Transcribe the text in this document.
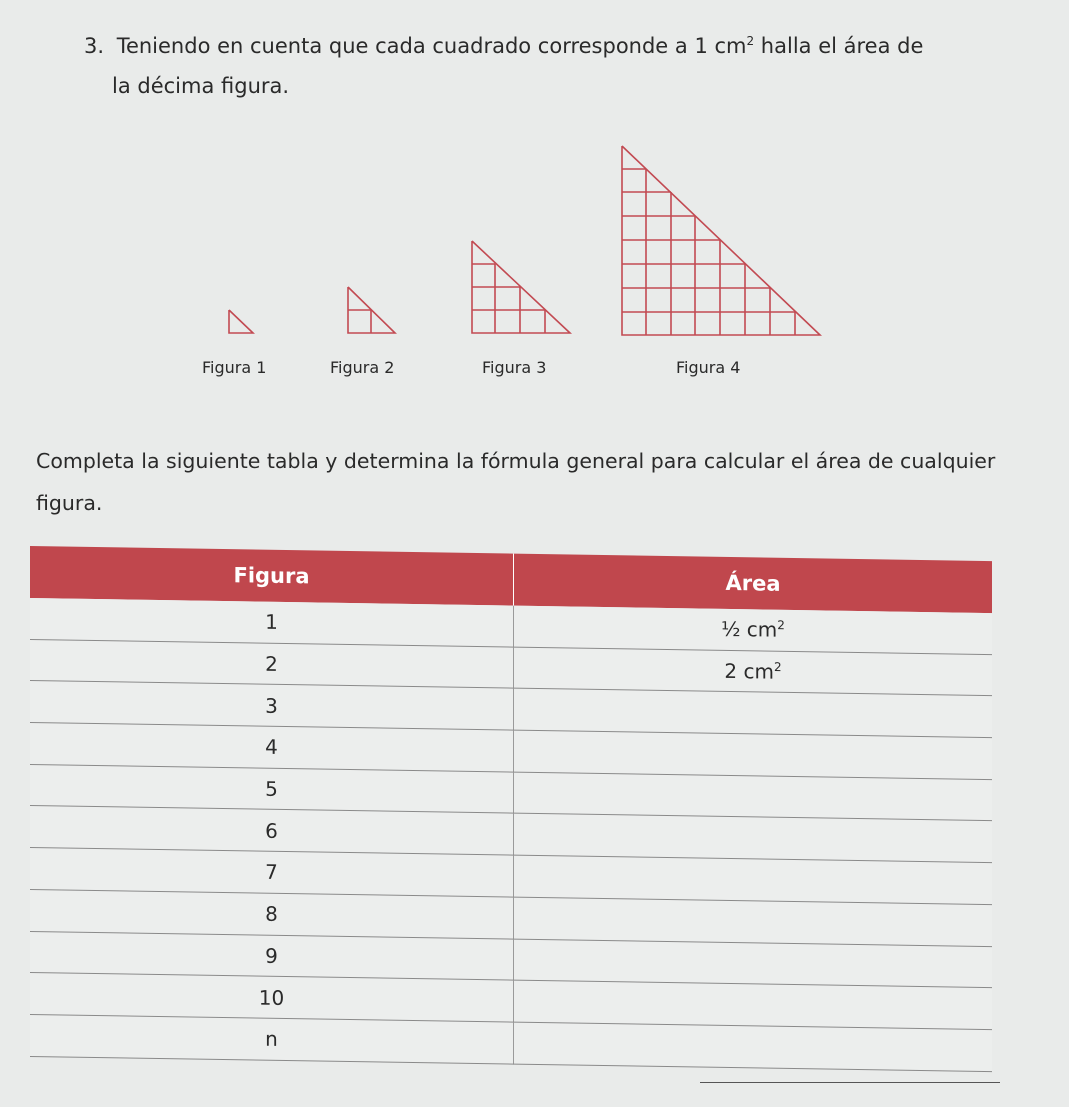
3. Teniendo en cuenta que cada cuadrado corresponde a 1 $cm^2$ halla el área de
la décima figura.
Figura 1	Figura 2	Figura 3	Figura 4
Completa la siguiente tabla y determina la fórmula general para calcular el área de cualquier figura.
Figura	Área
1	½ $cm^2$
2	2 $cm^2$
3	
4	
5	
6	
7	
8	
9	
10	
n	
